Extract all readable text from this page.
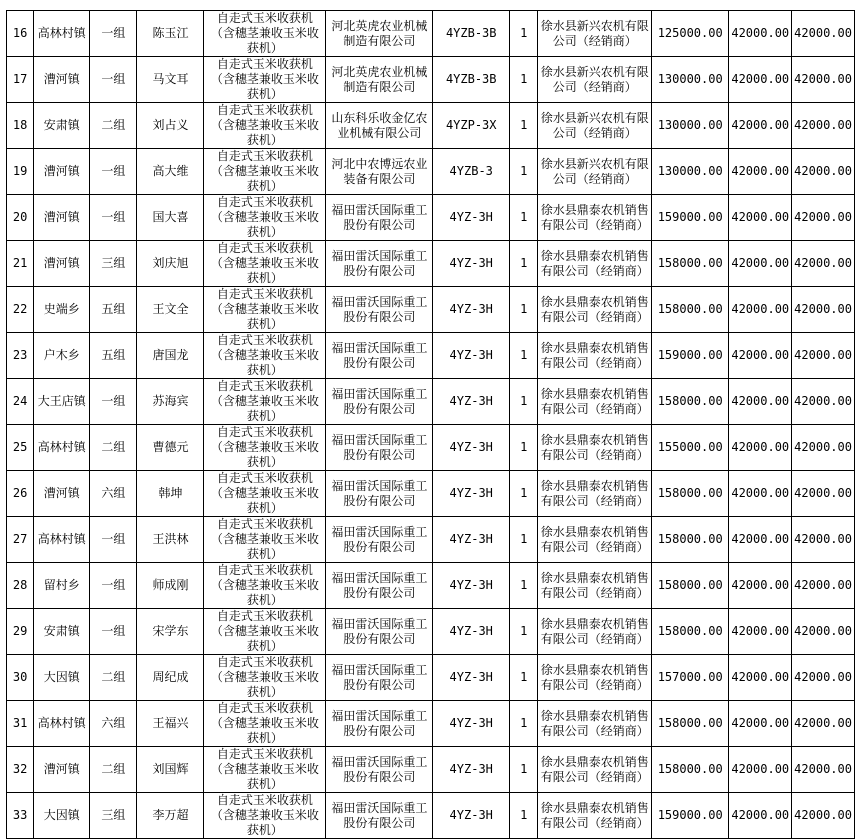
16	高林村镇	一组	陈玉江	自走式玉米收获机（含穗茎兼收玉米收获机）	河北英虎农业机械制造有限公司	4YZB-3B	1	徐水县新兴农机有限公司（经销商）	125000.00	42000.00	42000.00
17	漕河镇	一组	马文耳	自走式玉米收获机（含穗茎兼收玉米收获机）	河北英虎农业机械制造有限公司	4YZB-3B	1	徐水县新兴农机有限公司（经销商）	130000.00	42000.00	42000.00
18	安肃镇	二组	刘占义	自走式玉米收获机（含穗茎兼收玉米收获机）	山东科乐收金亿农业机械有限公司	4YZP-3X	1	徐水县新兴农机有限公司（经销商）	130000.00	42000.00	42000.00
19	漕河镇	一组	高大维	自走式玉米收获机（含穗茎兼收玉米收获机）	河北中农博远农业装备有限公司	4YZB-3	1	徐水县新兴农机有限公司（经销商）	130000.00	42000.00	42000.00
20	漕河镇	一组	国大喜	自走式玉米收获机（含穗茎兼收玉米收获机）	福田雷沃国际重工股份有限公司	4YZ-3H	1	徐水县鼎泰农机销售有限公司（经销商）	159000.00	42000.00	42000.00
21	漕河镇	三组	刘庆旭	自走式玉米收获机（含穗茎兼收玉米收获机）	福田雷沃国际重工股份有限公司	4YZ-3H	1	徐水县鼎泰农机销售有限公司（经销商）	158000.00	42000.00	42000.00
22	史端乡	五组	王文全	自走式玉米收获机（含穗茎兼收玉米收获机）	福田雷沃国际重工股份有限公司	4YZ-3H	1	徐水县鼎泰农机销售有限公司（经销商）	158000.00	42000.00	42000.00
23	户木乡	五组	唐国龙	自走式玉米收获机（含穗茎兼收玉米收获机）	福田雷沃国际重工股份有限公司	4YZ-3H	1	徐水县鼎泰农机销售有限公司（经销商）	159000.00	42000.00	42000.00
24	大王店镇	一组	苏海宾	自走式玉米收获机（含穗茎兼收玉米收获机）	福田雷沃国际重工股份有限公司	4YZ-3H	1	徐水县鼎泰农机销售有限公司（经销商）	158000.00	42000.00	42000.00
25	高林村镇	二组	曹德元	自走式玉米收获机（含穗茎兼收玉米收获机）	福田雷沃国际重工股份有限公司	4YZ-3H	1	徐水县鼎泰农机销售有限公司（经销商）	155000.00	42000.00	42000.00
26	漕河镇	六组	韩坤	自走式玉米收获机（含穗茎兼收玉米收获机）	福田雷沃国际重工股份有限公司	4YZ-3H	1	徐水县鼎泰农机销售有限公司（经销商）	158000.00	42000.00	42000.00
27	高林村镇	一组	王洪林	自走式玉米收获机（含穗茎兼收玉米收获机）	福田雷沃国际重工股份有限公司	4YZ-3H	1	徐水县鼎泰农机销售有限公司（经销商）	158000.00	42000.00	42000.00
28	留村乡	一组	师成刚	自走式玉米收获机（含穗茎兼收玉米收获机）	福田雷沃国际重工股份有限公司	4YZ-3H	1	徐水县鼎泰农机销售有限公司（经销商）	158000.00	42000.00	42000.00
29	安肃镇	一组	宋学东	自走式玉米收获机（含穗茎兼收玉米收获机）	福田雷沃国际重工股份有限公司	4YZ-3H	1	徐水县鼎泰农机销售有限公司（经销商）	158000.00	42000.00	42000.00
30	大因镇	二组	周纪成	自走式玉米收获机（含穗茎兼收玉米收获机）	福田雷沃国际重工股份有限公司	4YZ-3H	1	徐水县鼎泰农机销售有限公司（经销商）	157000.00	42000.00	42000.00
31	高林村镇	六组	王福兴	自走式玉米收获机（含穗茎兼收玉米收获机）	福田雷沃国际重工股份有限公司	4YZ-3H	1	徐水县鼎泰农机销售有限公司（经销商）	158000.00	42000.00	42000.00
32	漕河镇	二组	刘国辉	自走式玉米收获机（含穗茎兼收玉米收获机）	福田雷沃国际重工股份有限公司	4YZ-3H	1	徐水县鼎泰农机销售有限公司（经销商）	158000.00	42000.00	42000.00
33	大因镇	三组	李万超	自走式玉米收获机（含穗茎兼收玉米收获机）	福田雷沃国际重工股份有限公司	4YZ-3H	1	徐水县鼎泰农机销售有限公司（经销商）	159000.00	42000.00	42000.00
